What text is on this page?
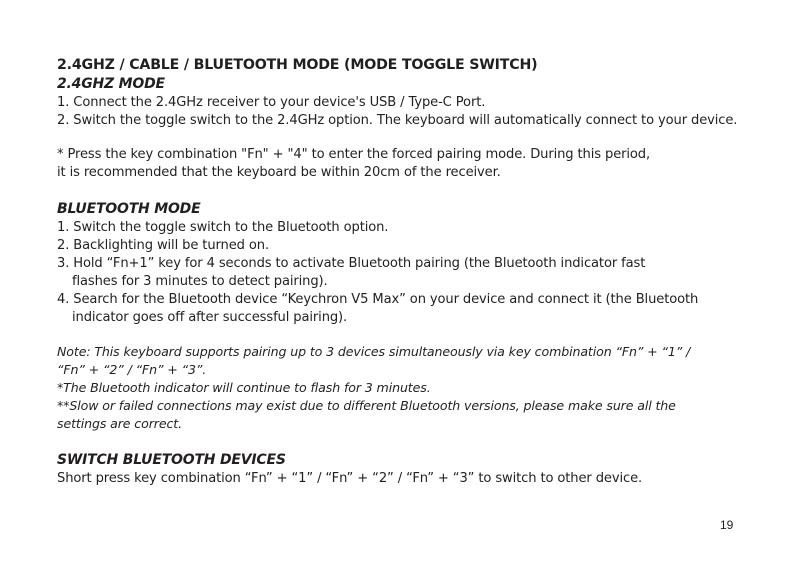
2.4GHZ / CABLE / BLUETOOTH MODE (MODE TOGGLE SWITCH)

2.4GHZ MODE

1. Connect the 2.4GHz receiver to your device's USB / Type-C Port.

2. Switch the toggle switch to the 2.4GHz option. The keyboard will automatically connect to your device.

* Press the key combination "Fn" + "4" to enter the forced pairing mode. During this period,

it is recommended that the keyboard be within 20cm of the receiver.

BLUETOOTH MODE

1. Switch the toggle switch to the Bluetooth option.

2. Backlighting will be turned on.

3. Hold “Fn+1” key for 4 seconds to activate Bluetooth pairing (the Bluetooth indicator fast

flashes for 3 minutes to detect pairing).

4. Search for the Bluetooth device “Keychron V5 Max” on your device and connect it (the Bluetooth

indicator goes off after successful pairing).

Note: This keyboard supports pairing up to 3 devices simultaneously via key combination “Fn” + “1” /

“Fn” + “2” / “Fn” + “3”.

*The Bluetooth indicator will continue to flash for 3 minutes.

**Slow or failed connections may exist due to different Bluetooth versions, please make sure all the

settings are correct.

SWITCH BLUETOOTH DEVICES

Short press key combination “Fn” + “1” / “Fn” + “2” / “Fn” + “3” to switch to other device.

19
